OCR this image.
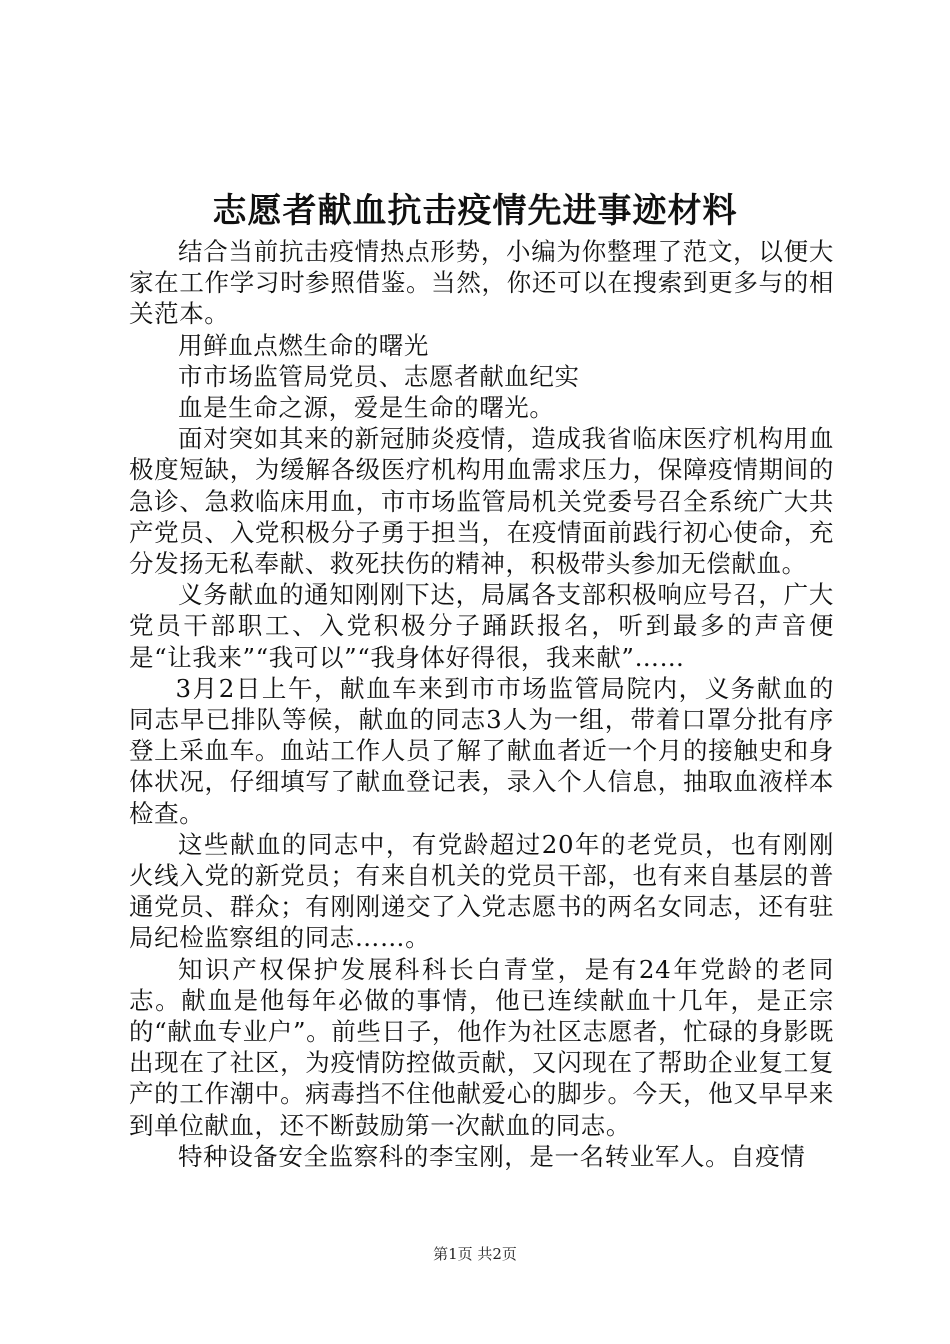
志愿者献血抗击疫情先进事迹材料

结合当前抗击疫情热点形势，小编为你整理了范文，以便大家在工作学习时参照借鉴。当然，你还可以在搜索到更多与的相关范本。

用鲜血点燃生命的曙光

市市场监管局党员、志愿者献血纪实

血是生命之源，爱是生命的曙光。

面对突如其来的新冠肺炎疫情，造成我省临床医疗机构用血极度短缺，为缓解各级医疗机构用血需求压力，保障疫情期间的急诊、急救临床用血，市市场监管局机关党委号召全系统广大共产党员、入党积极分子勇于担当，在疫情面前践行初心使命，充分发扬无私奉献、救死扶伤的精神，积极带头参加无偿献血。

义务献血的通知刚刚下达，局属各支部积极响应号召，广大党员干部职工、入党积极分子踊跃报名，听到最多的声音便是“让我来”“我可以”“我身体好得很，我来献”……

3月2日上午，献血车来到市市场监管局院内，义务献血的同志早已排队等候，献血的同志3人为一组，带着口罩分批有序登上采血车。血站工作人员了解了献血者近一个月的接触史和身体状况，仔细填写了献血登记表，录入个人信息，抽取血液样本检查。

这些献血的同志中，有党龄超过20年的老党员，也有刚刚火线入党的新党员；有来自机关的党员干部，也有来自基层的普通党员、群众；有刚刚递交了入党志愿书的两名女同志，还有驻局纪检监察组的同志……。

知识产权保护发展科科长白青堂，是有24年党龄的老同志。献血是他每年必做的事情，他已连续献血十几年，是正宗的“献血专业户”。前些日子，他作为社区志愿者，忙碌的身影既出现在了社区，为疫情防控做贡献，又闪现在了帮助企业复工复产的工作潮中。病毒挡不住他献爱心的脚步。今天，他又早早来到单位献血，还不断鼓励第一次献血的同志。

特种设备安全监察科的李宝刚，是一名转业军人。自疫情

第1页 共2页
